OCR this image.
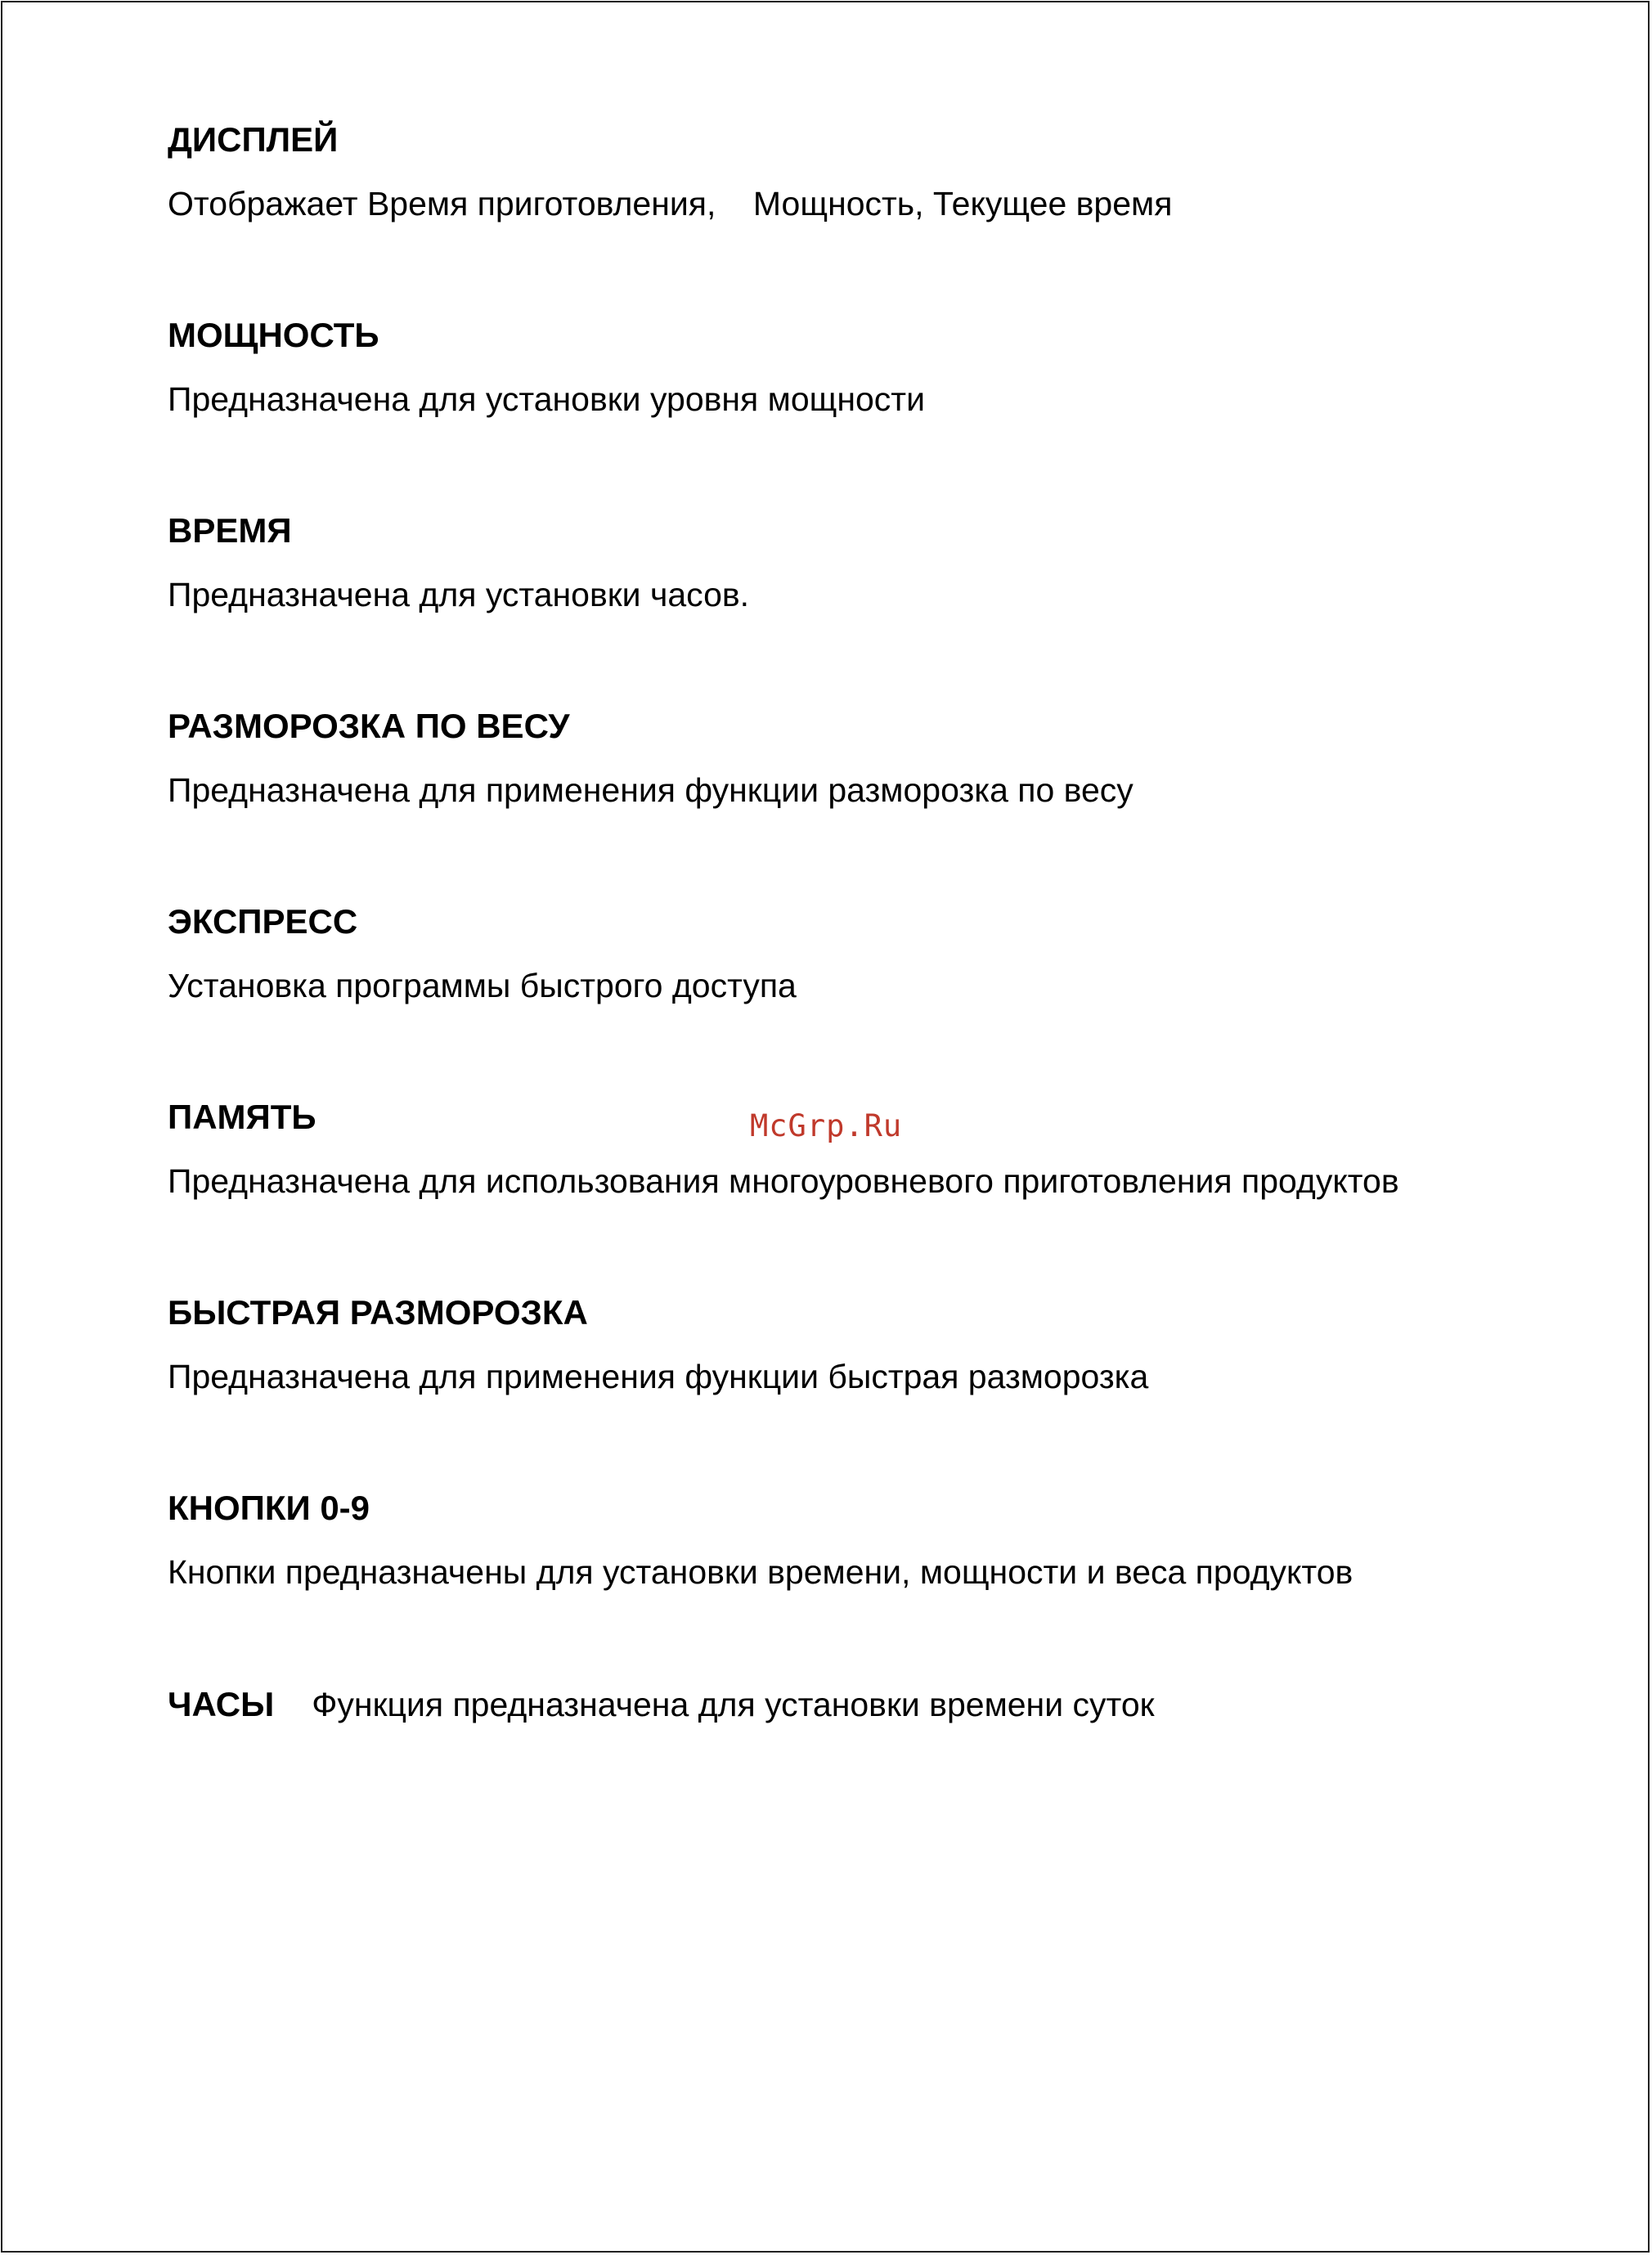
ДИСПЛЕЙ

Отображает Время приготовления,    Мощность, Текущее время

МОЩНОСТЬ

Предназначена для установки уровня мощности

ВРЕМЯ

Предназначена для установки часов.

РАЗМОРОЗКА ПО ВЕСУ

Предназначена для применения функции разморозка по весу

ЭКСПРЕСС

Установка программы быстрого доступа

ПАМЯТЬ

Предназначена для использования многоуровневого приготовления продуктов

БЫСТРАЯ РАЗМОРОЗКА

Предназначена для применения функции быстрая разморозка

КНОПКИ 0-9

Кнопки предназначены для установки времени, мощности и веса продуктов

ЧАСЫ Функция предназначена для установки времени суток
McGrp.Ru
